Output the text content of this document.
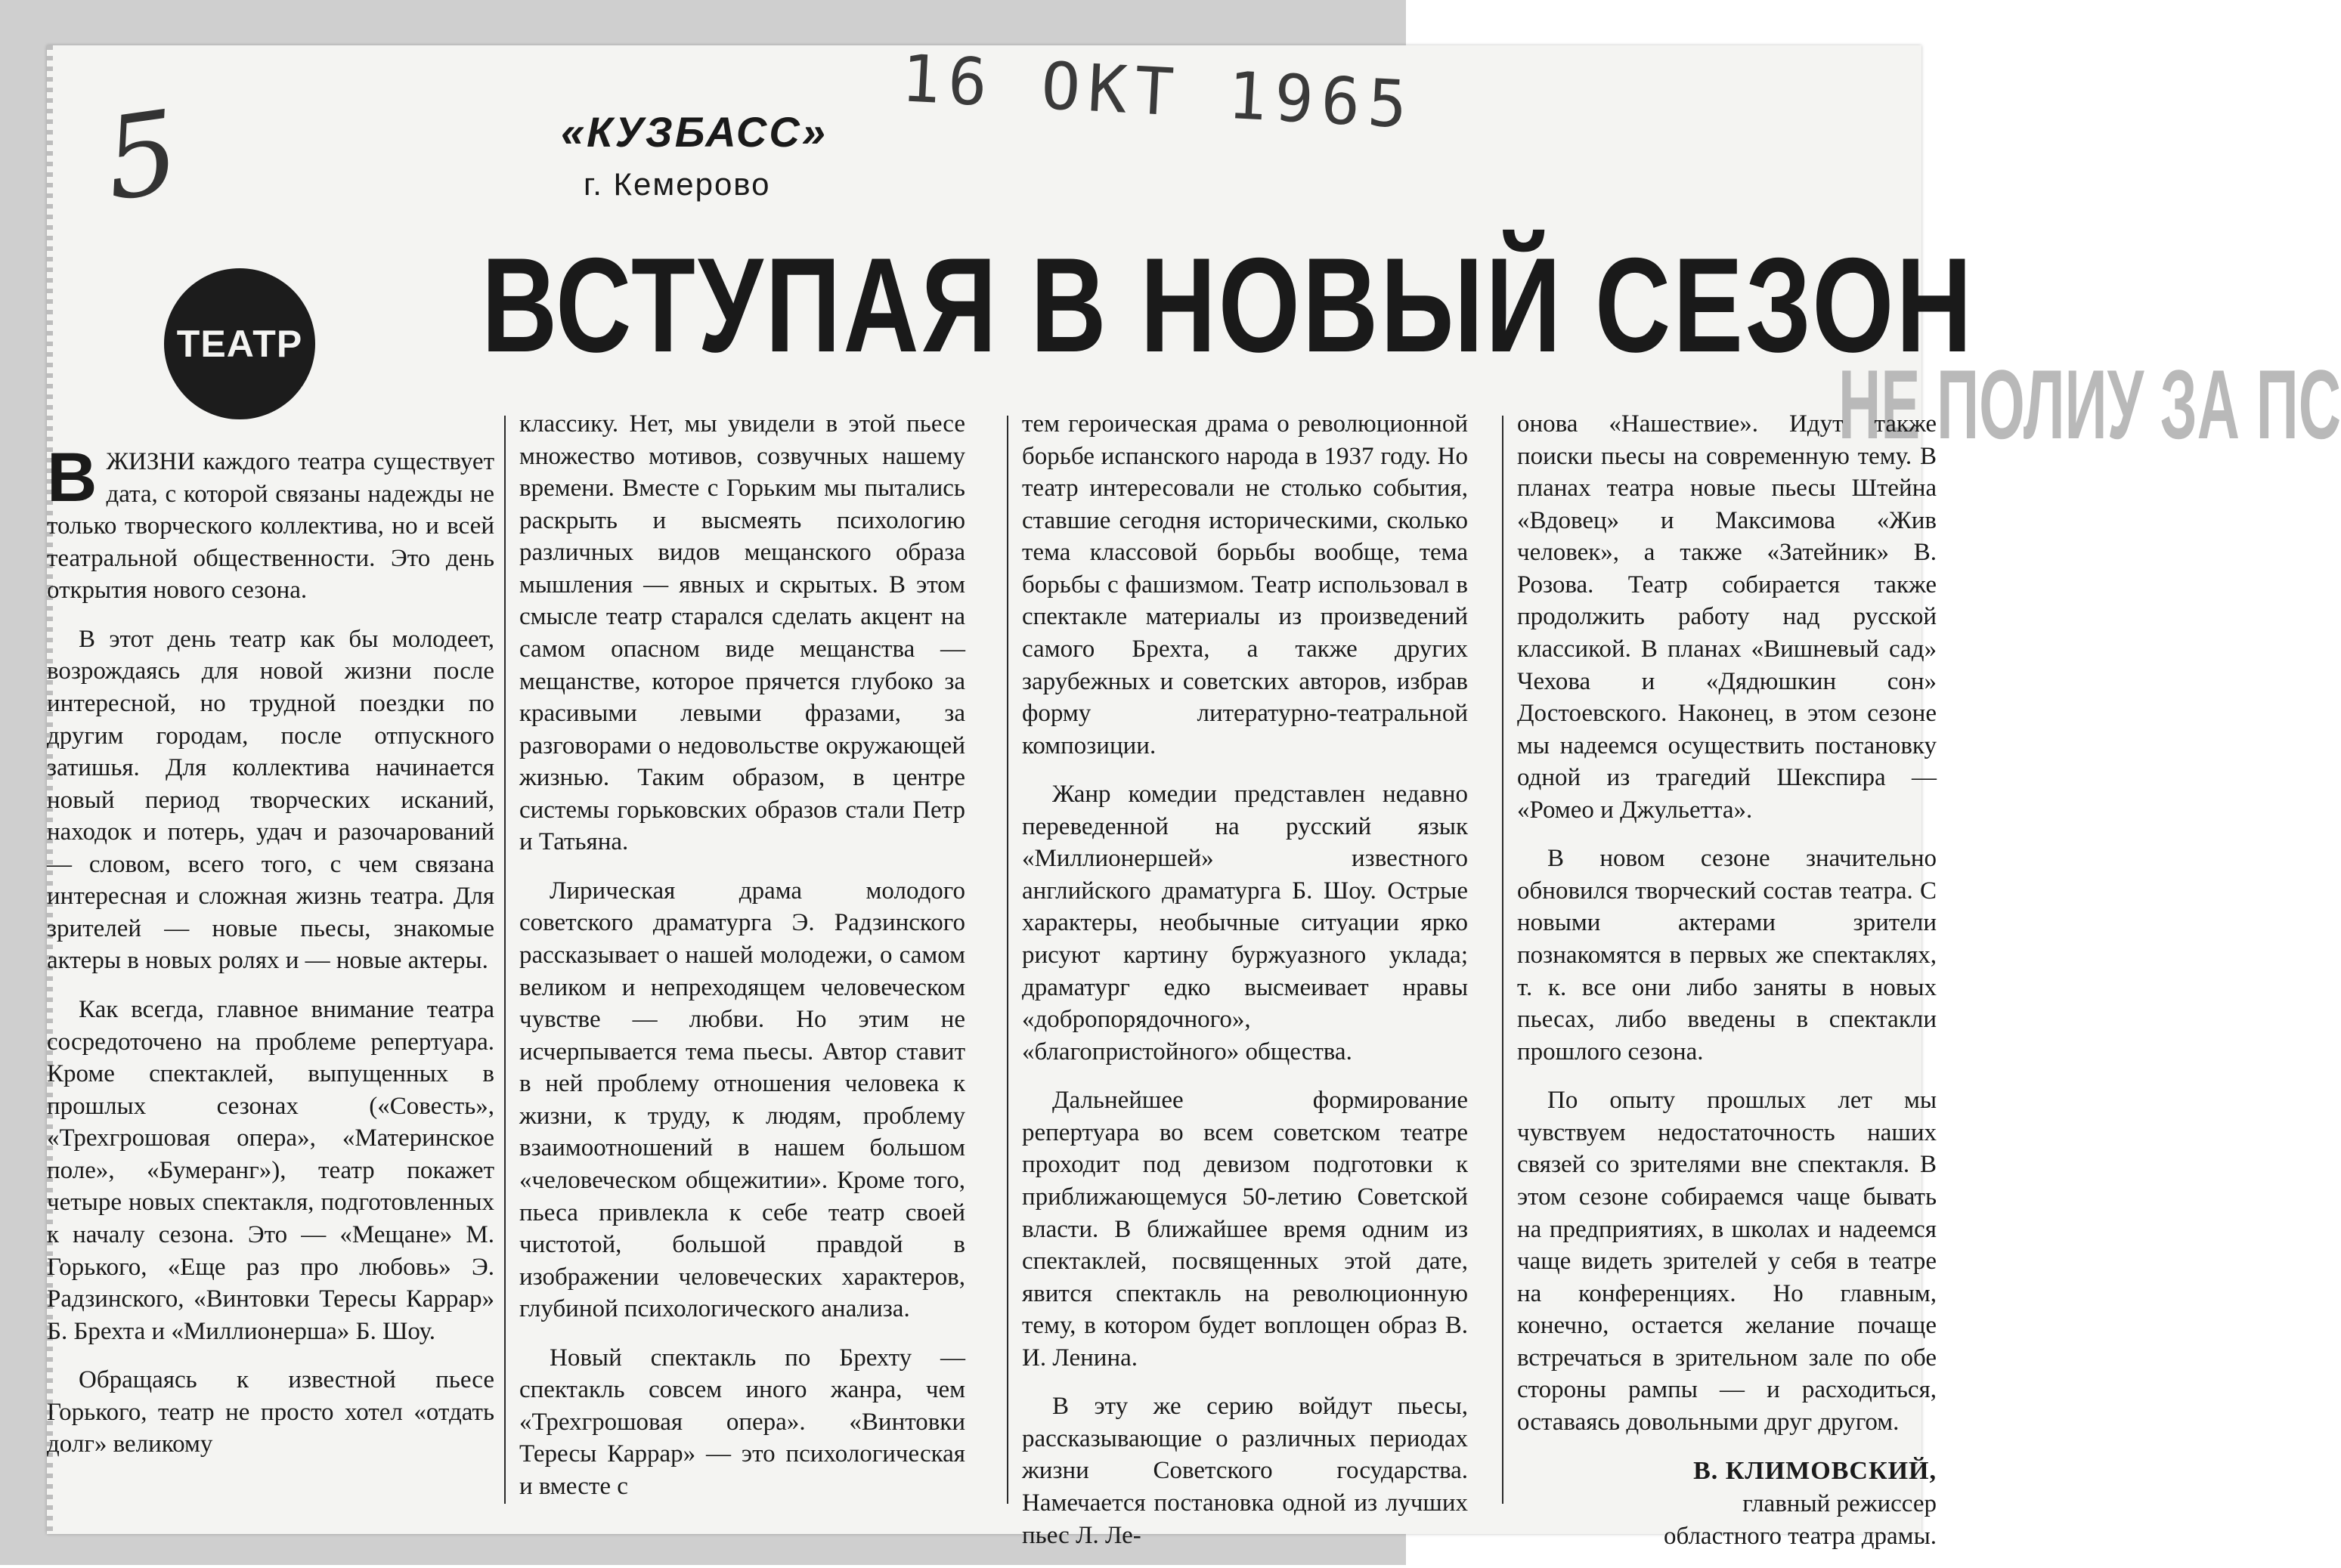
5	16 ОКТ 1965
«КУЗБАСС»
г. Кемерово
ТЕАТР ВСТУПАЯ В НОВЫЙ СЕЗОН
НЕ ПОЛИУ ЗА ПС

В ЖИЗНИ каждого театра существует дата, с которой связаны надежды не только творческого коллектива, но и всей театральной общественности. Это день открытия нового сезона.

В этот день театр как бы молодеет, возрождаясь для новой жизни после интересной, но трудной поездки по другим городам, после отпускного затишья. Для коллектива начинается новый период творческих исканий, находок и потерь, удач и разочарований — словом, всего того, с чем связана интересная и сложная жизнь театра. Для зрителей — новые пьесы, знакомые актеры в новых ролях и — новые актеры.

Как всегда, главное внимание театра сосредоточено на проблеме репертуара. Кроме спектаклей, выпущенных в прошлых сезонах («Совесть», «Трехгрошовая опера», «Материнское поле», «Бумеранг»), театр покажет четыре новых спектакля, подготовленных к началу сезона. Это — «Мещане» М. Горького, «Еще раз про любовь» Э. Радзинского, «Винтовки Тересы Каррар» Б. Брехта и «Миллионерша» Б. Шоу.

Обращаясь к известной пьесе Горького, театр не просто хотел «отдать долг» великому

классику. Нет, мы увидели в этой пьесе множество мотивов, созвучных нашему времени. Вместе с Горьким мы пытались раскрыть и высмеять психологию различных видов мещанского образа мышления — явных и скрытых. В этом смысле театр старался сделать акцент на самом опасном виде мещанства — мещанстве, которое прячется глубоко за красивыми левыми фразами, за разговорами о недовольстве окружающей жизнью. Таким образом, в центре системы горьковских образов стали Петр и Татьяна.

Лирическая драма молодого советского драматурга Э. Радзинского рассказывает о нашей молодежи, о самом великом и непреходящем человеческом чувстве — любви. Но этим не исчерпывается тема пьесы. Автор ставит в ней проблему отношения человека к жизни, к труду, к людям, проблему взаимоотношений в нашем большом «человеческом общежитии». Кроме того, пьеса привлекла к себе театр своей чистотой, большой правдой в изображении человеческих характеров, глубиной психологического анализа.

Новый спектакль по Брехту — спектакль совсем иного жанра, чем «Трехгрошовая опера». «Винтовки Тересы Каррар» — это психологическая и вместе с

тем героическая драма о революционной борьбе испанского народа в 1937 году. Но театр интересовали не столько события, ставшие сегодня историческими, сколько тема классовой борьбы вообще, тема борьбы с фашизмом. Театр использовал в спектакле материалы из произведений самого Брехта, а также других зарубежных и советских авторов, избрав форму литературно-театральной композиции.

Жанр комедии представлен недавно переведенной на русский язык «Миллионершей» известного английского драматурга Б. Шоу. Острые характеры, необычные ситуации ярко рисуют картину буржуазного уклада; драматург едко высмеивает нравы «добропорядочного», «благопристойного» общества.

Дальнейшее формирование репертуара во всем советском театре проходит под девизом подготовки к приближающемуся 50-летию Советской власти. В ближайшее время одним из спектаклей, посвященных этой дате, явится спектакль на революционную тему, в котором будет воплощен образ В. И. Ленина.

В эту же серию войдут пьесы, рассказывающие о различных периодах жизни Советского государства. Намечается постановка одной из лучших пьес Л. Ле-

онова «Нашествие». Идут также поиски пьесы на современную тему. В планах театра новые пьесы Штейна «Вдовец» и Максимова «Жив человек», а также «Затейник» В. Розова. Театр собирается также продолжить работу над русской классикой. В планах «Вишневый сад» Чехова и «Дядюшкин сон» Достоевского. Наконец, в этом сезоне мы надеемся осуществить постановку одной из трагедий Шекспира — «Ромео и Джульетта».

В новом сезоне значительно обновился творческий состав театра. С новыми актерами зрители познакомятся в первых же спектаклях, т. к. все они либо заняты в новых пьесах, либо введены в спектакли прошлого сезона.

По опыту прошлых лет мы чувствуем недостаточность наших связей со зрителями вне спектакля. В этом сезоне собираемся чаще бывать на предприятиях, в школах и надеемся чаще видеть зрителей у себя в театре на конференциях. Но главным, конечно, остается желание почаще встречаться в зрительном зале по обе стороны рампы — и расходиться, оставаясь довольными друг другом.

В. КЛИМОВСКИЙ,
главный режиссер
областного театра драмы.
